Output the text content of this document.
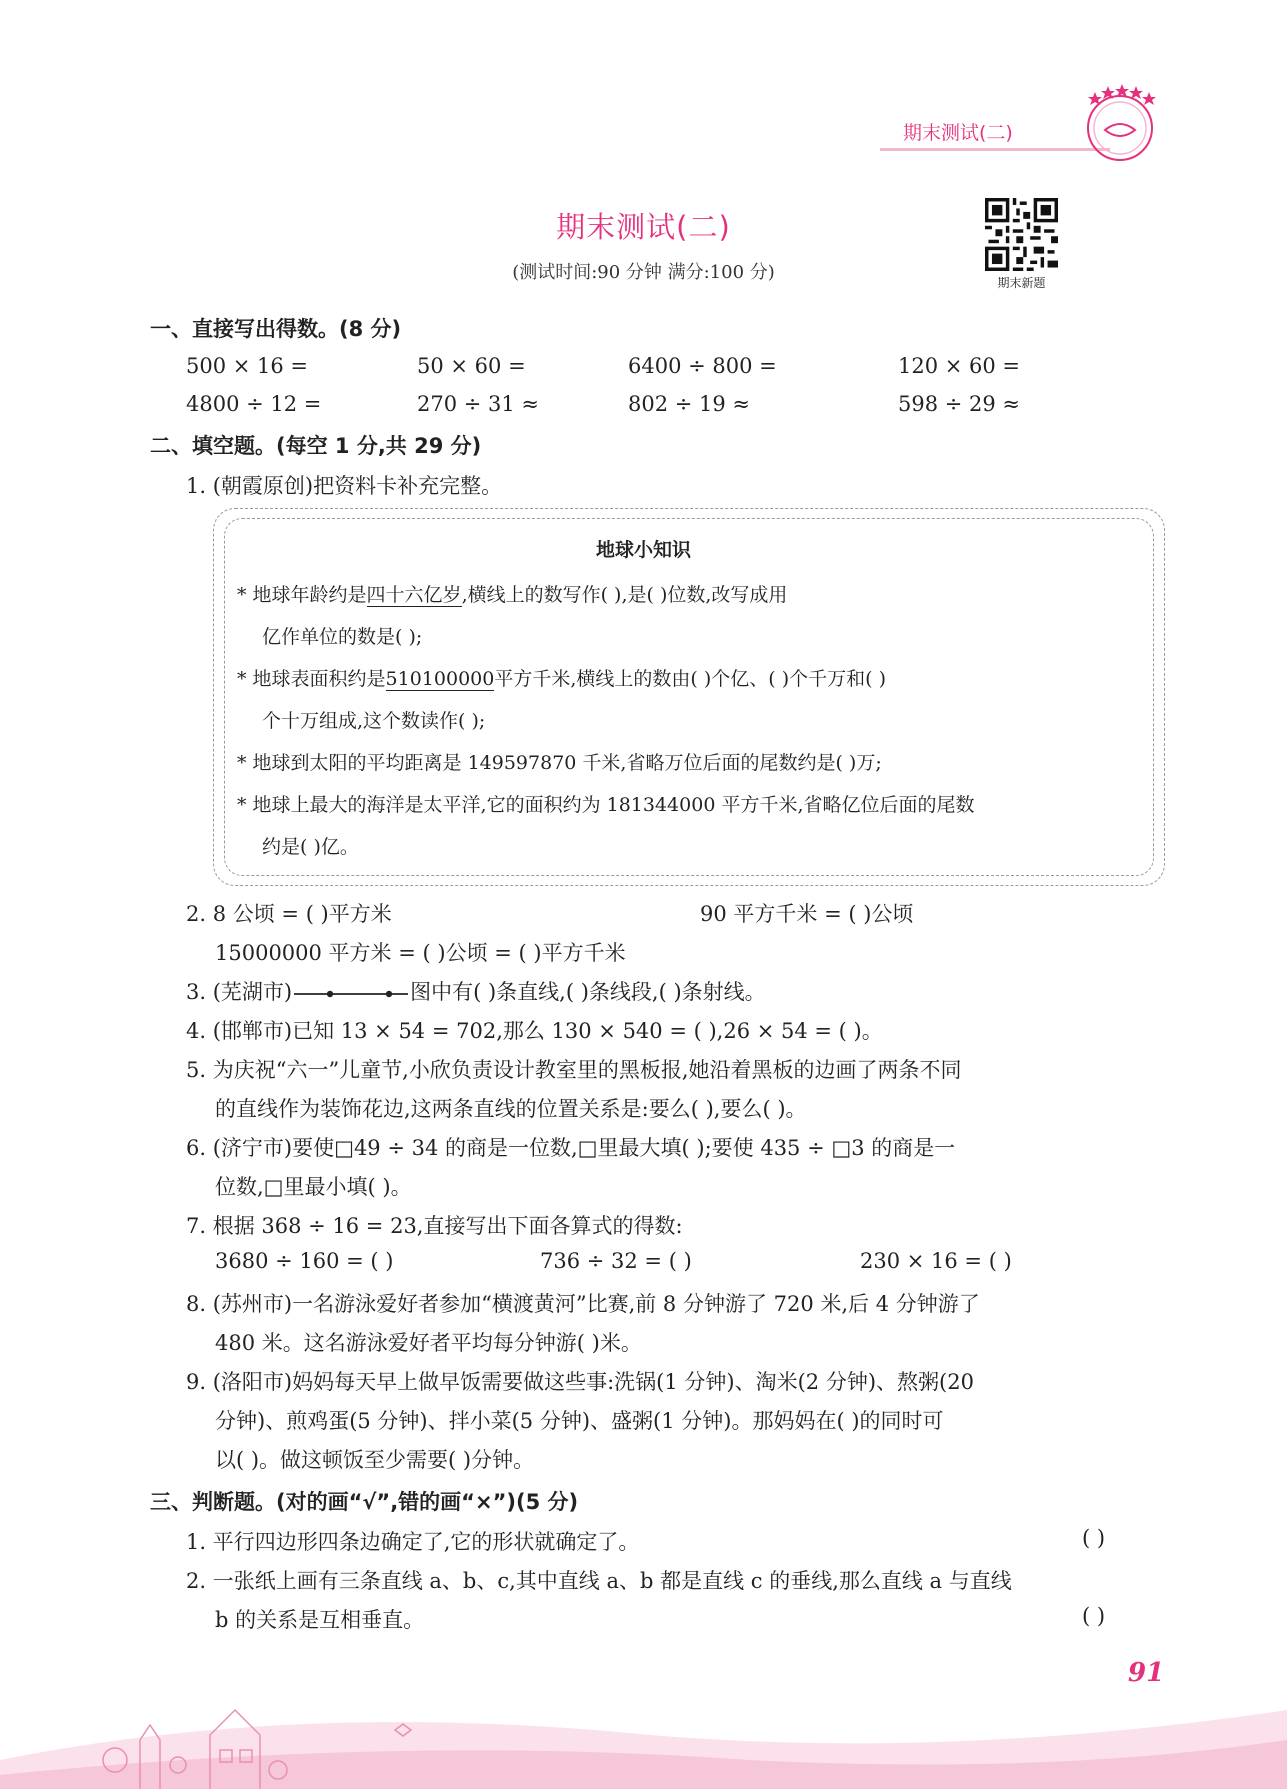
期末测试(二)
期末测试(二)
(测试时间:90 分钟 满分:100 分)	期末新题
一、直接写出得数。(8 分)
500 × 16 =	50 × 60 =	6400 ÷ 800 =	120 × 60 =
4800 ÷ 12 =	270 ÷ 31 ≈	802 ÷ 19 ≈	598 ÷ 29 ≈
二、填空题。(每空 1 分,共 29 分)
1. (朝霞原创)把资料卡补充完整。
地球小知识
* 地球年龄约是四十六亿岁,横线上的数写作( ),是( )位数,改写成用
亿作单位的数是( );
* 地球表面积约是510100000平方千米,横线上的数由( )个亿、( )个千万和( )
个十万组成,这个数读作( );
* 地球到太阳的平均距离是 149597870 千米,省略万位后面的尾数约是( )万;
* 地球上最大的海洋是太平洋,它的面积约为 181344000 平方千米,省略亿位后面的尾数
约是( )亿。
2. 8 公顷 = ( )平方米	90 平方千米 = ( )公顷
15000000 平方米 = ( )公顷 = ( )平方千米
3. (芜湖市)	图中有( )条直线,( )条线段,( )条射线。
4. (邯郸市)已知 13 × 54 = 702,那么 130 × 540 = ( ),26 × 54 = ( )。
5. 为庆祝“六一”儿童节,小欣负责设计教室里的黑板报,她沿着黑板的边画了两条不同
的直线作为装饰花边,这两条直线的位置关系是:要么( ),要么( )。
6. (济宁市)要使□49 ÷ 34 的商是一位数,□里最大填( );要使 435 ÷ □3 的商是一
位数,□里最小填( )。
7. 根据 368 ÷ 16 = 23,直接写出下面各算式的得数:
3680 ÷ 160 = ( )	736 ÷ 32 = ( )	230 × 16 = ( )
8. (苏州市)一名游泳爱好者参加“横渡黄河”比赛,前 8 分钟游了 720 米,后 4 分钟游了
480 米。这名游泳爱好者平均每分钟游( )米。
9. (洛阳市)妈妈每天早上做早饭需要做这些事:洗锅(1 分钟)、淘米(2 分钟)、熬粥(20
分钟)、煎鸡蛋(5 分钟)、拌小菜(5 分钟)、盛粥(1 分钟)。那妈妈在( )的同时可
以( )。做这顿饭至少需要( )分钟。
三、判断题。(对的画“√”,错的画“×”)(5 分)
1. 平行四边形四条边确定了,它的形状就确定了。	( )
2. 一张纸上画有三条直线 a、b、c,其中直线 a、b 都是直线 c 的垂线,那么直线 a 与直线
b 的关系是互相垂直。	( )
91
